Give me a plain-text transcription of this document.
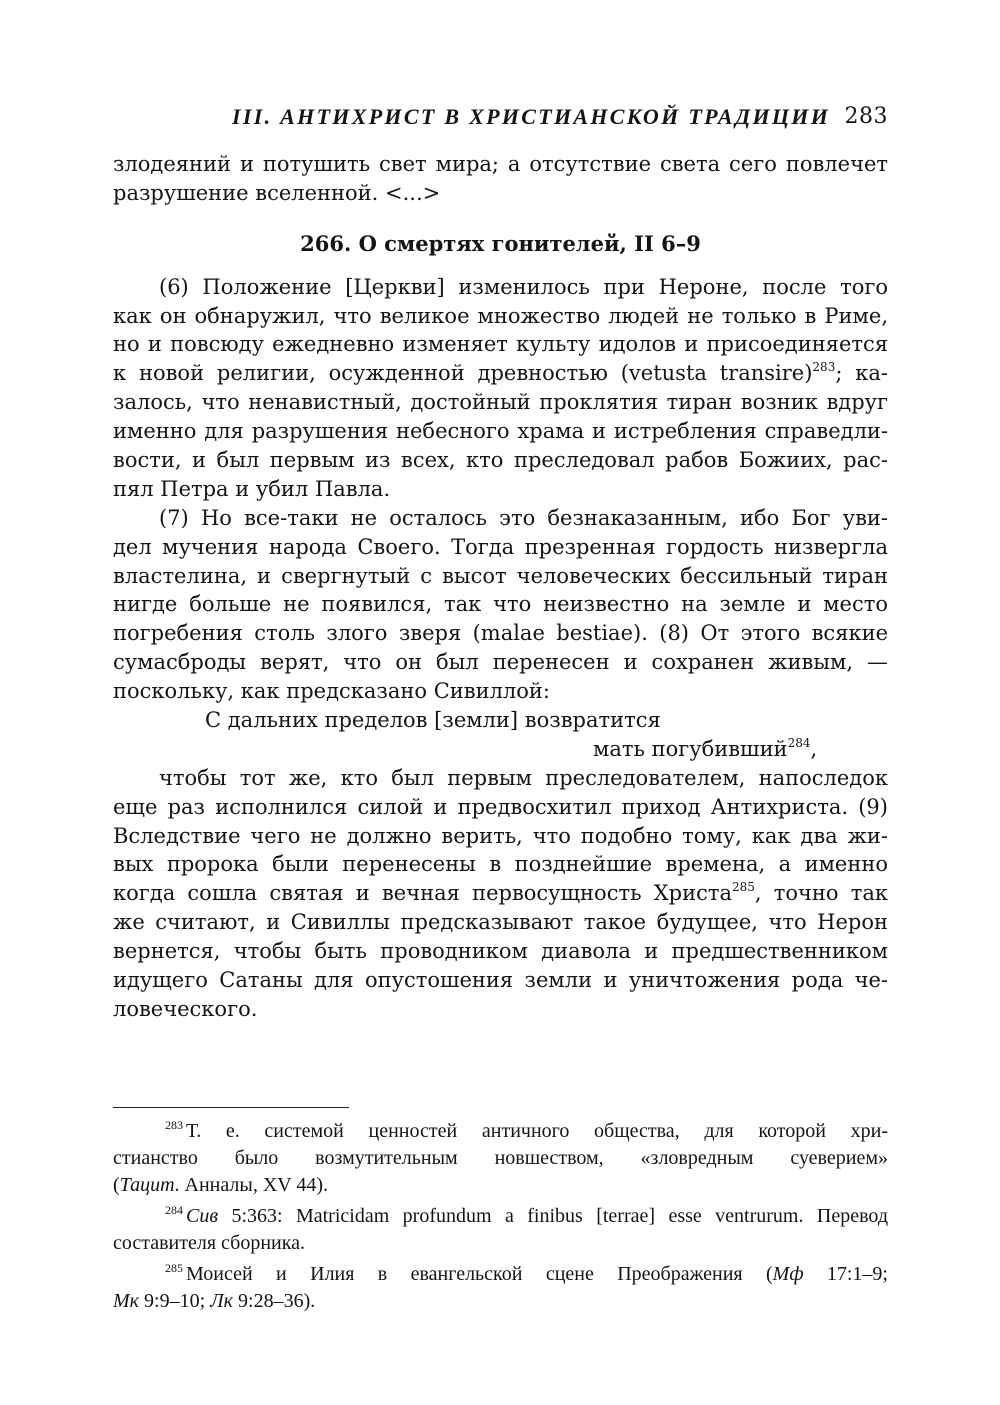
III. АНТИХРИСТ В ХРИСТИАНСКОЙ ТРАДИЦИИ 283
злодеяний и потушить свет мира; а отсутствие света сего повлечет
разрушение вселенной. <...>
266. О смертях гонителей, II 6–9
(6) Положение [Церкви] изменилось при Нероне, после того
как он обнаружил, что великое множество людей не только в Риме,
но и повсюду ежедневно изменяет культу идолов и присоединяется
к новой религии, осужденной древностью (vetusta transire)$^{283}$; ка-
залось, что ненавистный, достойный проклятия тиран возник вдруг
именно для разрушения небесного храма и истребления справедли-
вости, и был первым из всех, кто преследовал рабов Божиих, рас-
пял Петра и убил Павла.
(7) Но все-таки не осталось это безнаказанным, ибо Бог уви-
дел мучения народа Своего. Тогда презренная гордость низвергла
властелина, и свергнутый с высот человеческих бессильный тиран
нигде больше не появился, так что неизвестно на земле и место
погребения столь злого зверя (malae bestiae). (8) От этого всякие
сумасброды верят, что он был перенесен и сохранен живым, —
поскольку, как предсказано Сивиллой:
С дальних пределов [земли] возвратится
мать погубивший$^{284}$,
чтобы тот же, кто был первым преследователем, напоследок
еще раз исполнился силой и предвосхитил приход Антихриста. (9)
Вследствие чего не должно верить, что подобно тому, как два жи-
вых пророка были перенесены в позднейшие времена, а именно
когда сошла святая и вечная первосущность Христа$^{285}$, точно так
же считают, и Сивиллы предсказывают такое будущее, что Нерон
вернется, чтобы быть проводником диавола и предшественником
идущего Сатаны для опустошения земли и уничтожения рода че-
ловеческого.
$^{283}$ Т. е. системой ценностей античного общества, для которой хри-
стианство было возмутительным новшеством, «зловредным суеверием»
(Тацит. Анналы, XV 44).
$^{284}$ Сив 5:363: Matricidam profundum a finibus [terrae] esse ventrurum. Перевод
составителя сборника.
$^{285}$ Моисей и Илия в евангельской сцене Преображения (Мф 17:1–9;
Мк 9:9–10; Лк 9:28–36).
